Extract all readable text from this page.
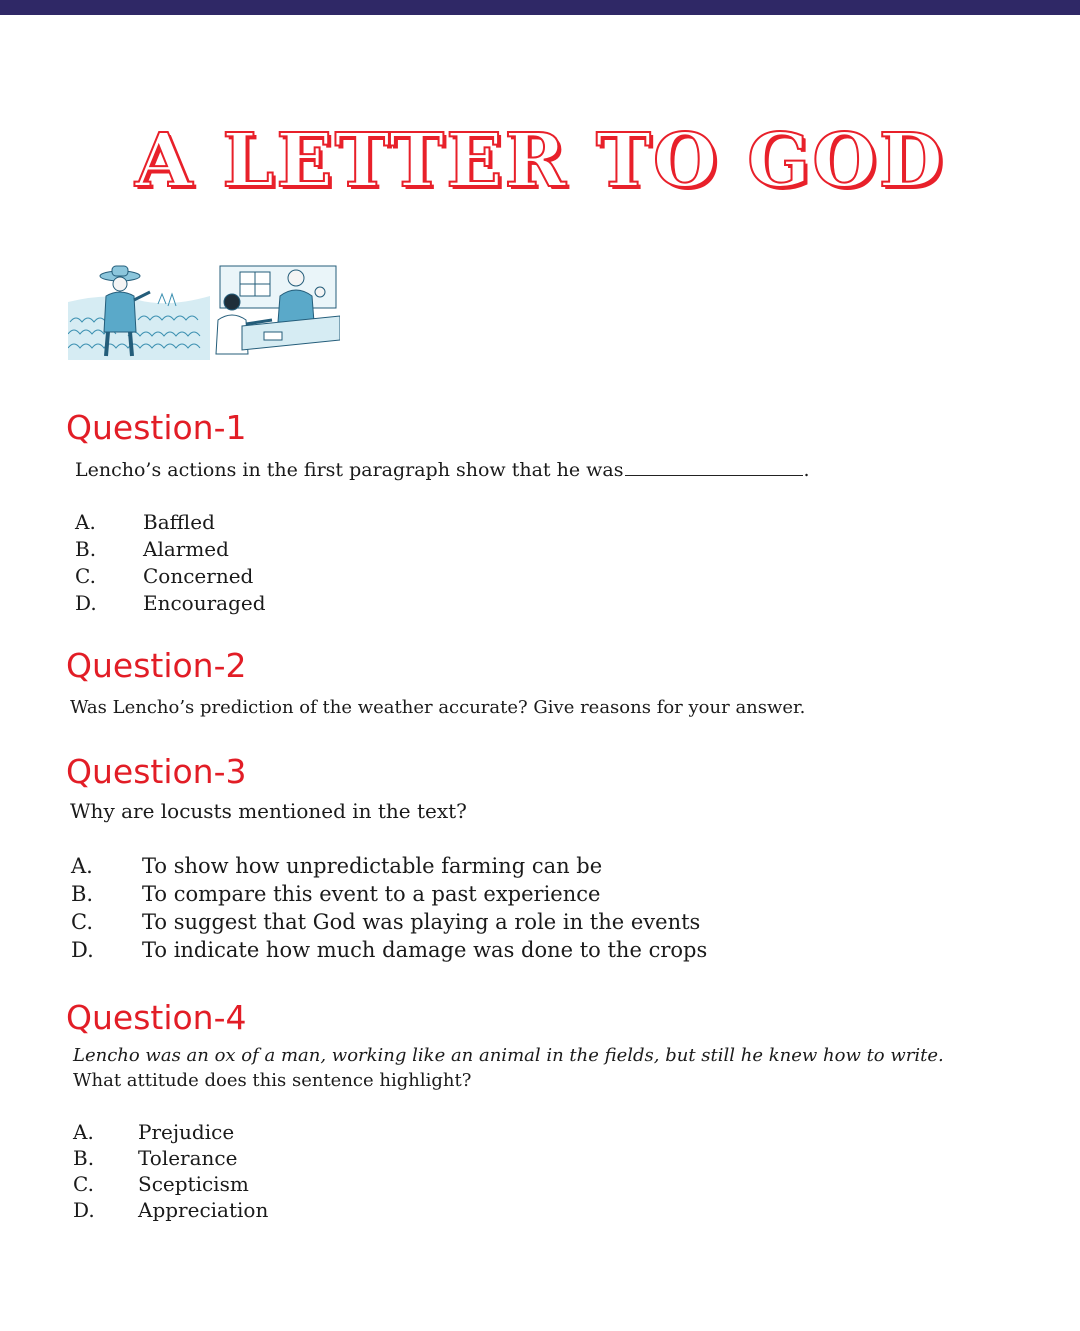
A LETTER TO GOD
Question-1
Lencho’s actions in the first paragraph show that he was	.
A. Baffled
B. Alarmed
C. Concerned
D. Encouraged
Question-2
Was Lencho’s prediction of the weather accurate? Give reasons for your answer.
Question-3
Why are locusts mentioned in the text?
A. To show how unpredictable farming can be
B. To compare this event to a past experience
C. To suggest that God was playing a role in the events
D. To indicate how much damage was done to the crops
Question-4
Lencho was an ox of a man, working like an animal in the fields, but still he knew how to write.
What attitude does this sentence highlight?
A. Prejudice
B. Tolerance
C. Scepticism
D. Appreciation
